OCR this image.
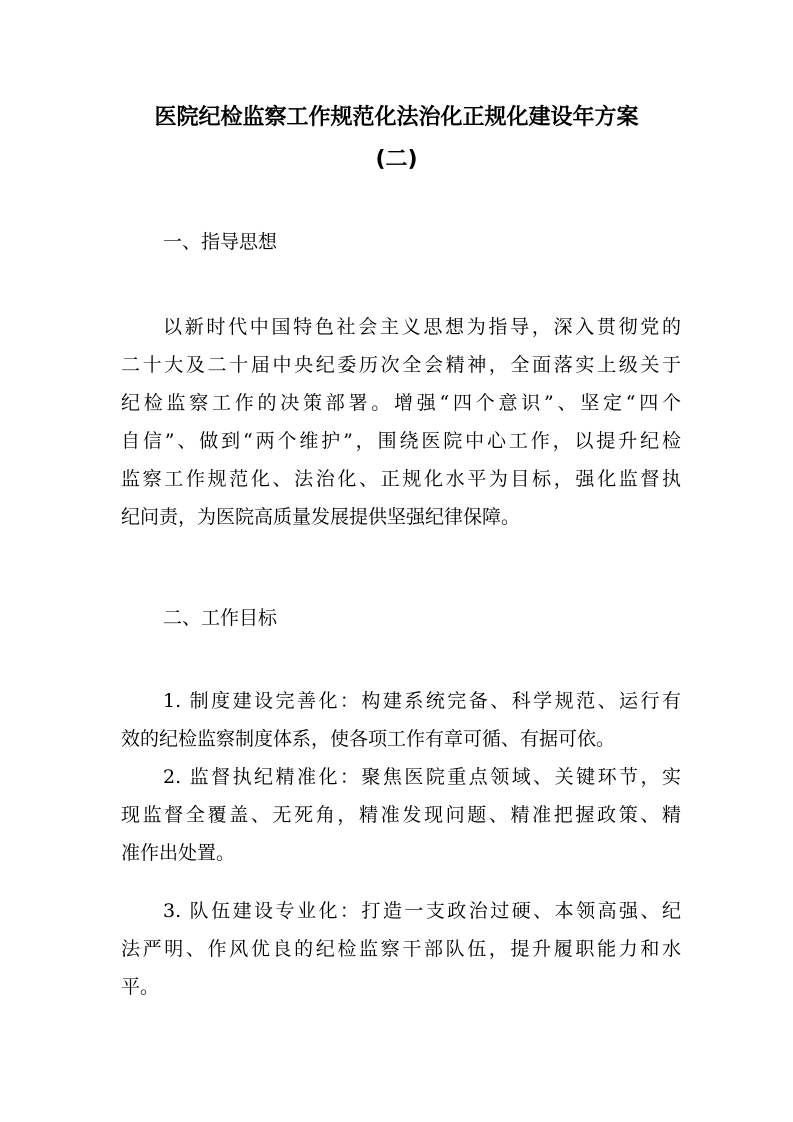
医院纪检监察工作规范化法治化正规化建设年方案
(二)
一、指导思想
以新时代中国特色社会主义思想为指导，深入贯彻党的
二十大及二十届中央纪委历次全会精神，全面落实上级关于
纪检监察工作的决策部署。增强“四个意识”、坚定“四个
自信”、做到“两个维护”，围绕医院中心工作，以提升纪检
监察工作规范化、法治化、正规化水平为目标，强化监督执
纪问责，为医院高质量发展提供坚强纪律保障。
二、工作目标
1. 制度建设完善化：构建系统完备、科学规范、运行有
效的纪检监察制度体系，使各项工作有章可循、有据可依。
2. 监督执纪精准化：聚焦医院重点领域、关键环节，实
现监督全覆盖、无死角，精准发现问题、精准把握政策、精
准作出处置。
3. 队伍建设专业化：打造一支政治过硬、本领高强、纪
法严明、作风优良的纪检监察干部队伍，提升履职能力和水
平。
